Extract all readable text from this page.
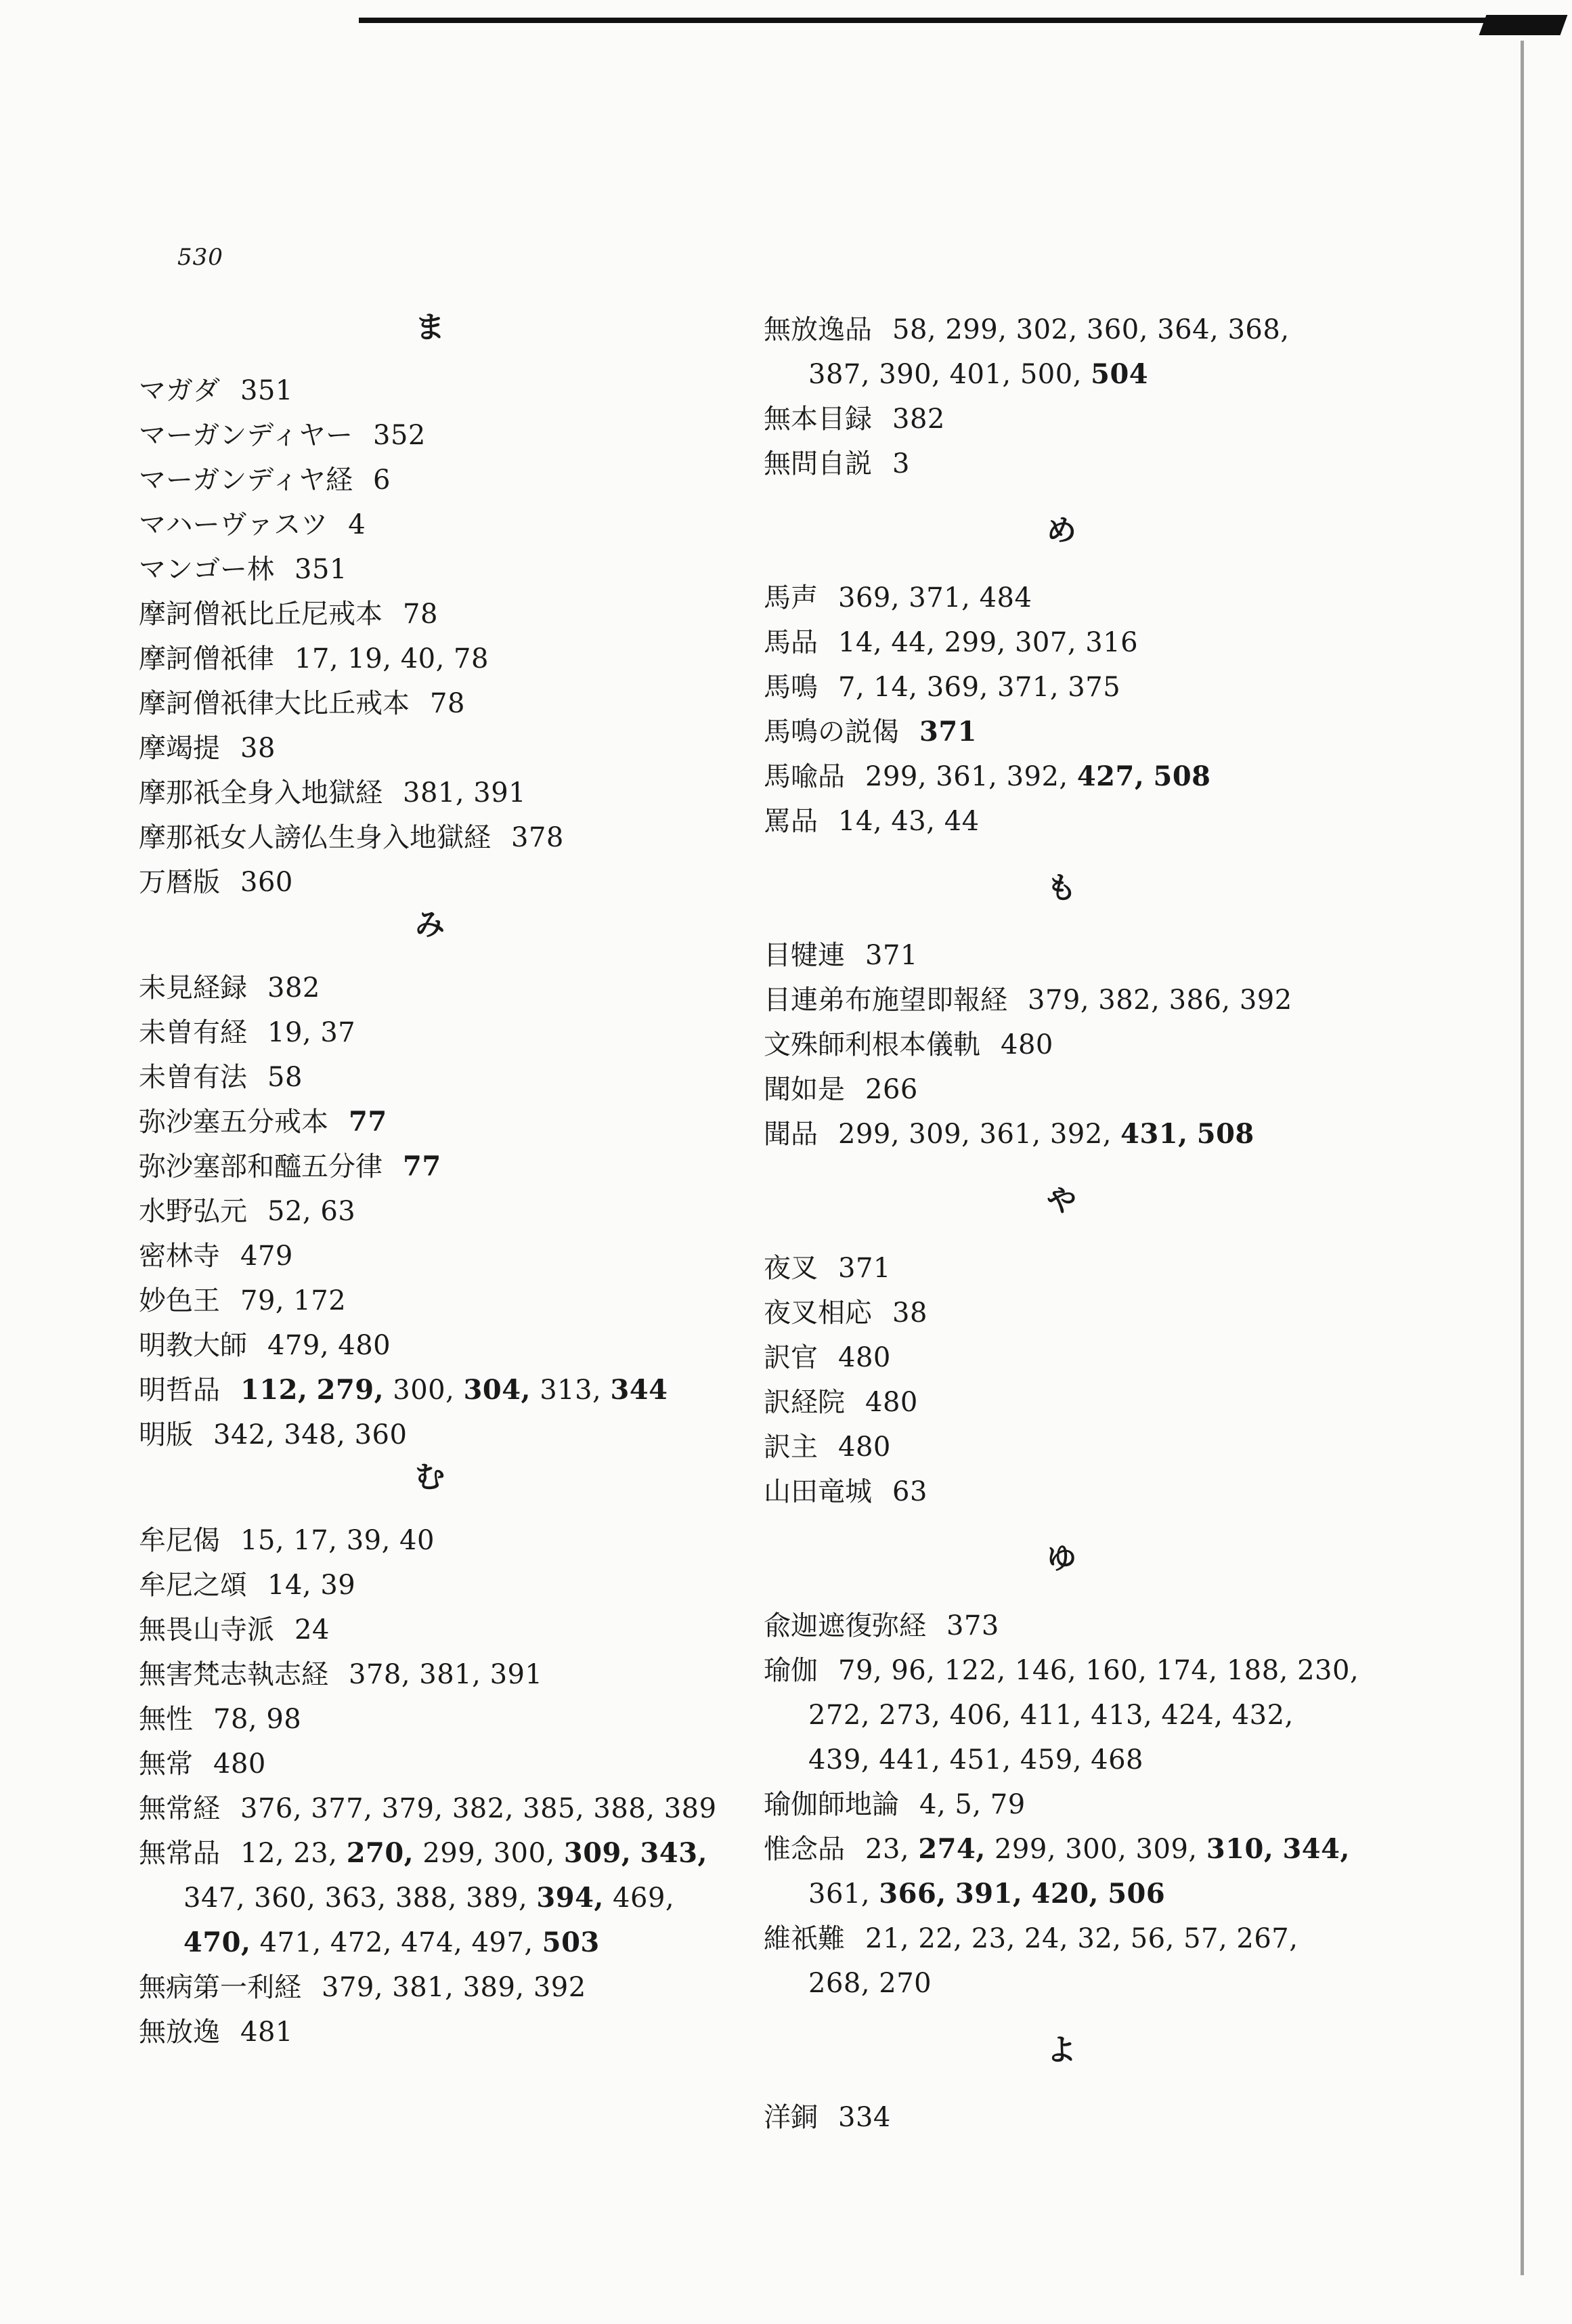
530
ま
マガダ 351
マーガンディヤー 352
マーガンディヤ経 6
マハーヴァスツ 4
マンゴー林 351
摩訶僧祇比丘尼戒本 78
摩訶僧祇律 17, 19, 40, 78
摩訶僧祇律大比丘戒本 78
摩竭提 38
摩那祇全身入地獄経 381, 391
摩那祇女人謗仏生身入地獄経 378
万暦版 360
み
未見経録 382
未曽有経 19, 37
未曽有法 58
弥沙塞五分戒本 77
弥沙塞部和醯五分律 77
水野弘元 52, 63
密林寺 479
妙色王 79, 172
明教大師 479, 480
明哲品 112, 279, 300, 304, 313, 344
明版 342, 348, 360
む
牟尼偈 15, 17, 39, 40
牟尼之頌 14, 39
無畏山寺派 24
無害梵志執志経 378, 381, 391
無性 78, 98
無常 480
無常経 376, 377, 379, 382, 385, 388, 389
無常品 12, 23, 270, 299, 300, 309, 343, 347, 360, 363, 388, 389, 394, 469, 470, 471, 472, 474, 497, 503
無病第一利経 379, 381, 389, 392
無放逸 481
無放逸品 58, 299, 302, 360, 364, 368, 387, 390, 401, 500, 504
無本目録 382
無問自説 3
め
馬声 369, 371, 484
馬品 14, 44, 299, 307, 316
馬鳴 7, 14, 369, 371, 375
馬鳴の説偈 371
馬喩品 299, 361, 392, 427, 508
罵品 14, 43, 44
も
目犍連 371
目連弟布施望即報経 379, 382, 386, 392
文殊師利根本儀軌 480
聞如是 266
聞品 299, 309, 361, 392, 431, 508
や
夜叉 371
夜叉相応 38
訳官 480
訳経院 480
訳主 480
山田竜城 63
ゆ
兪迦遮復弥経 373
瑜伽 79, 96, 122, 146, 160, 174, 188, 230, 272, 273, 406, 411, 413, 424, 432, 439, 441, 451, 459, 468
瑜伽師地論 4, 5, 79
惟念品 23, 274, 299, 300, 309, 310, 344, 361, 366, 391, 420, 506
維祇難 21, 22, 23, 24, 32, 56, 57, 267, 268, 270
よ
洋銅 334
